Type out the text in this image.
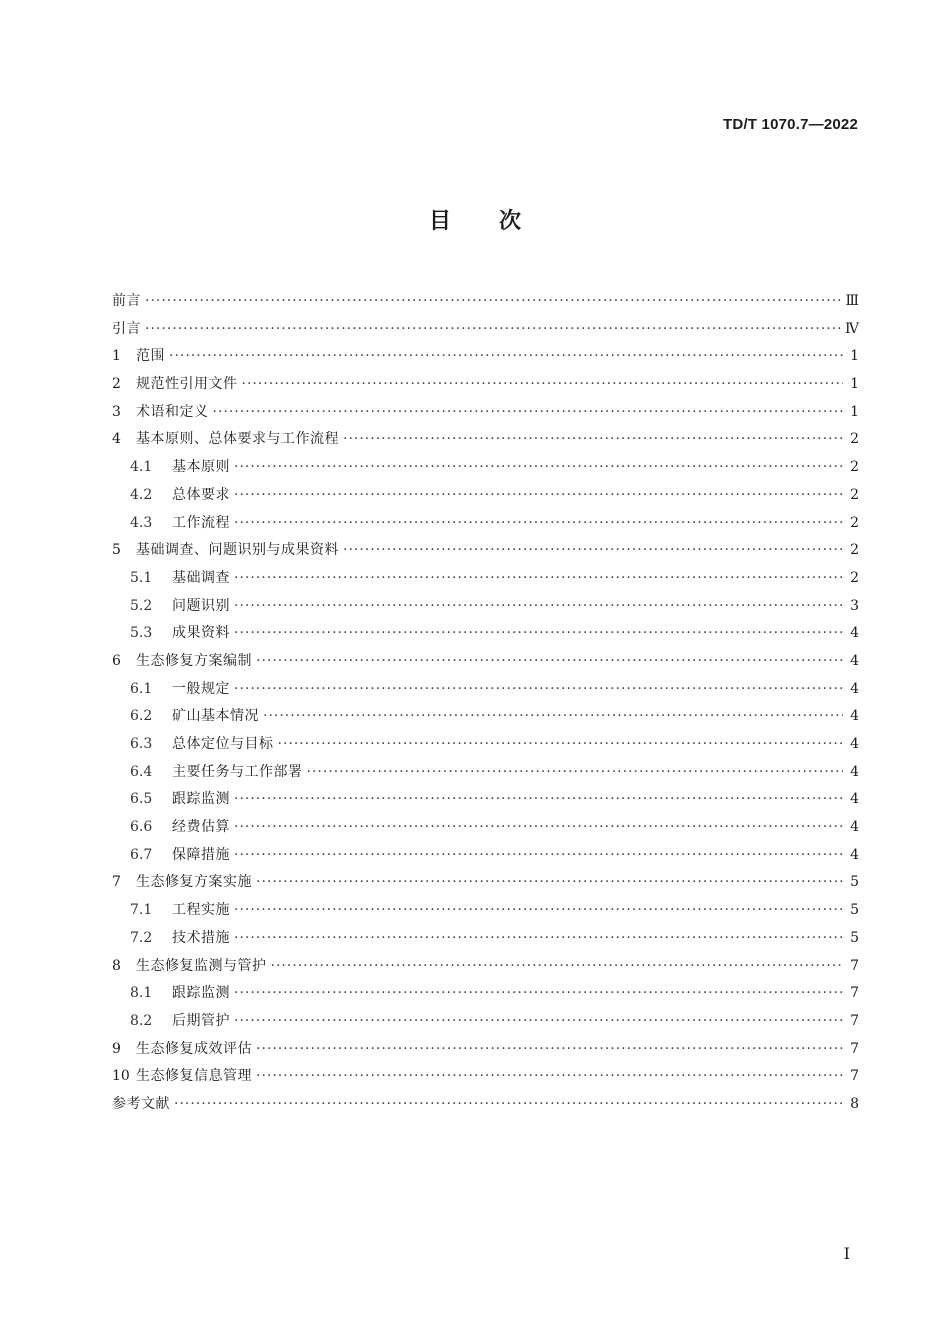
TD/T 1070.7—2022
目次
前言 ·····	Ⅲ
引言 ·····	Ⅳ
1	范围 ·····	1
2	规范性引用文件 ·····	1
3	术语和定义 ·····	1
4	基本原则、总体要求与工作流程 ·····	2
4.1	基本原则 ·····	2
4.2	总体要求 ·····	2
4.3	工作流程 ·····	2
5	基础调查、问题识别与成果资料 ·····	2
5.1	基础调查 ·····	2
5.2	问题识别 ·····	3
5.3	成果资料 ·····	4
6	生态修复方案编制 ·····	4
6.1	一般规定 ·····	4
6.2	矿山基本情况 ·····	4
6.3	总体定位与目标 ·····	4
6.4	主要任务与工作部署 ·····	4
6.5	跟踪监测 ·····	4
6.6	经费估算 ·····	4
6.7	保障措施 ·····	4
7	生态修复方案实施 ·····	5
7.1	工程实施 ·····	5
7.2	技术措施 ·····	5
8	生态修复监测与管护 ·····	7
8.1	跟踪监测 ·····	7
8.2	后期管护 ·····	7
9	生态修复成效评估 ·····	7
10 生态修复信息管理 ·····	7
参考文献 ·····	8
I
